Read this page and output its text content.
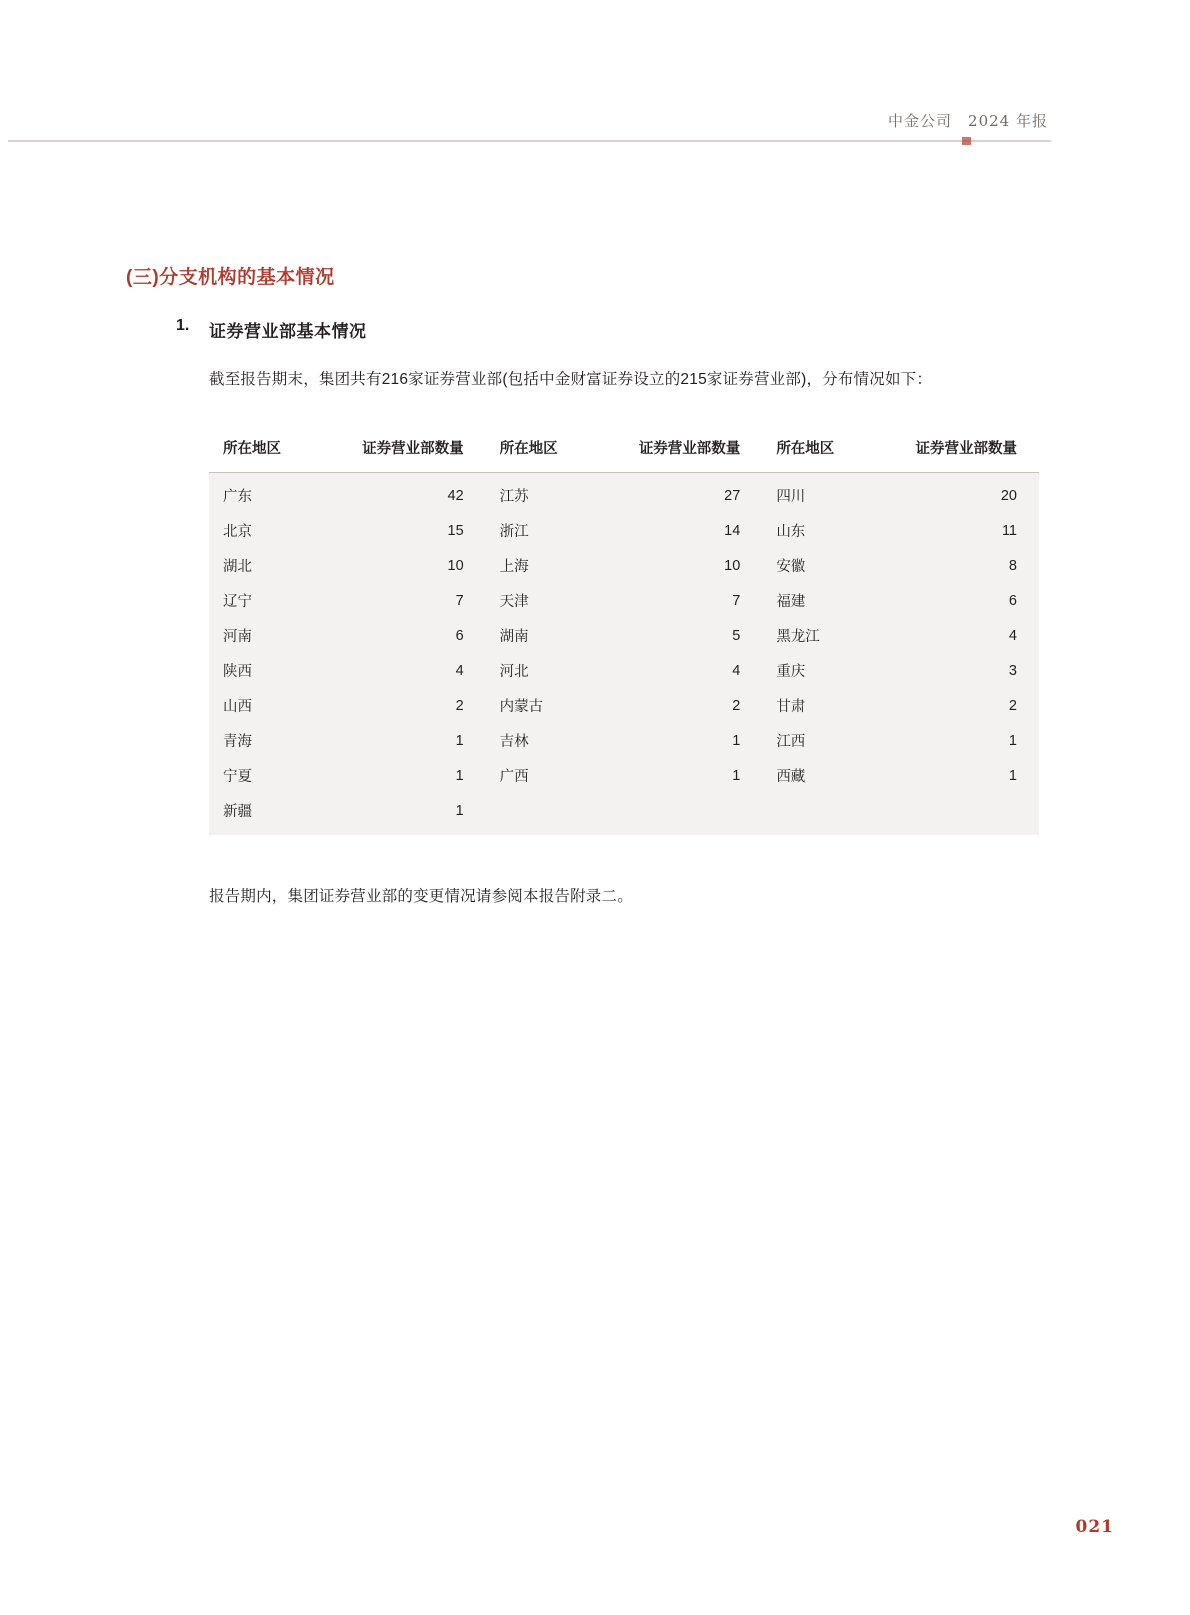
中金公司 2024 年报
(三)分支机构的基本情况
1. 证券营业部基本情况

截至报告期末，集团共有216家证券营业部(包括中金财富证券设立的215家证券营业部)，分布情况如下：

所在地区	证券营业部数量	所在地区	证券营业部数量	所在地区	证券营业部数量
广东	42	江苏	27	四川	20
北京	15	浙江	14	山东	11
湖北	10	上海	10	安徽	8
辽宁	7	天津	7	福建	6
河南	6	湖南	5	黑龙江	4
陕西	4	河北	4	重庆	3
山西	2	内蒙古	2	甘肃	2
青海	1	吉林	1	江西	1
宁夏	1	广西	1	西藏	1
新疆	1				

报告期内，集团证券营业部的变更情况请参阅本报告附录二。

021
